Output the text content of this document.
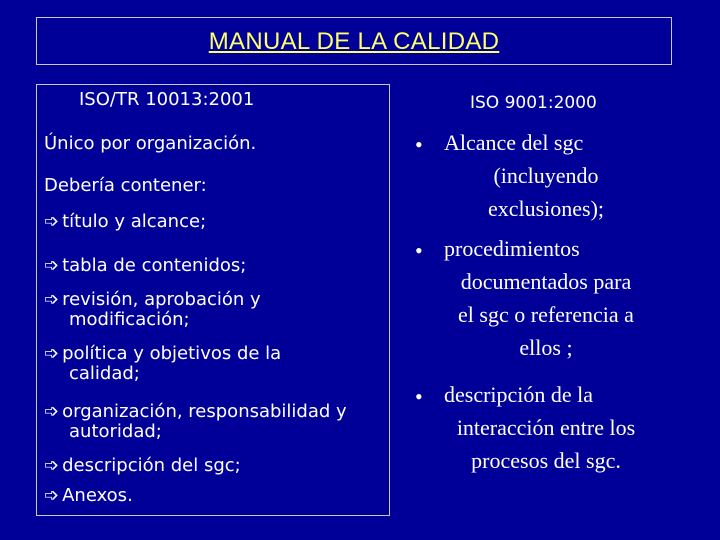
MANUAL DE LA CALIDAD
ISO/TR 10013:2001	ISO 9001:2000
Único por organización.
Debería contener:
➩ título y alcance;
➩ tabla de contenidos;
➩ revisión, aprobación y
modificación;
➩ política y objetivos de la
calidad;
➩ organización, responsabilidad y
autoridad;
➩ descripción del sgc;
➩ Anexos.
• Alcance del sgc
(incluyendo
exclusiones);
• procedimientos
documentados para
el sgc o referencia a
ellos ;
• descripción de la
interacción entre los
procesos del sgc.
